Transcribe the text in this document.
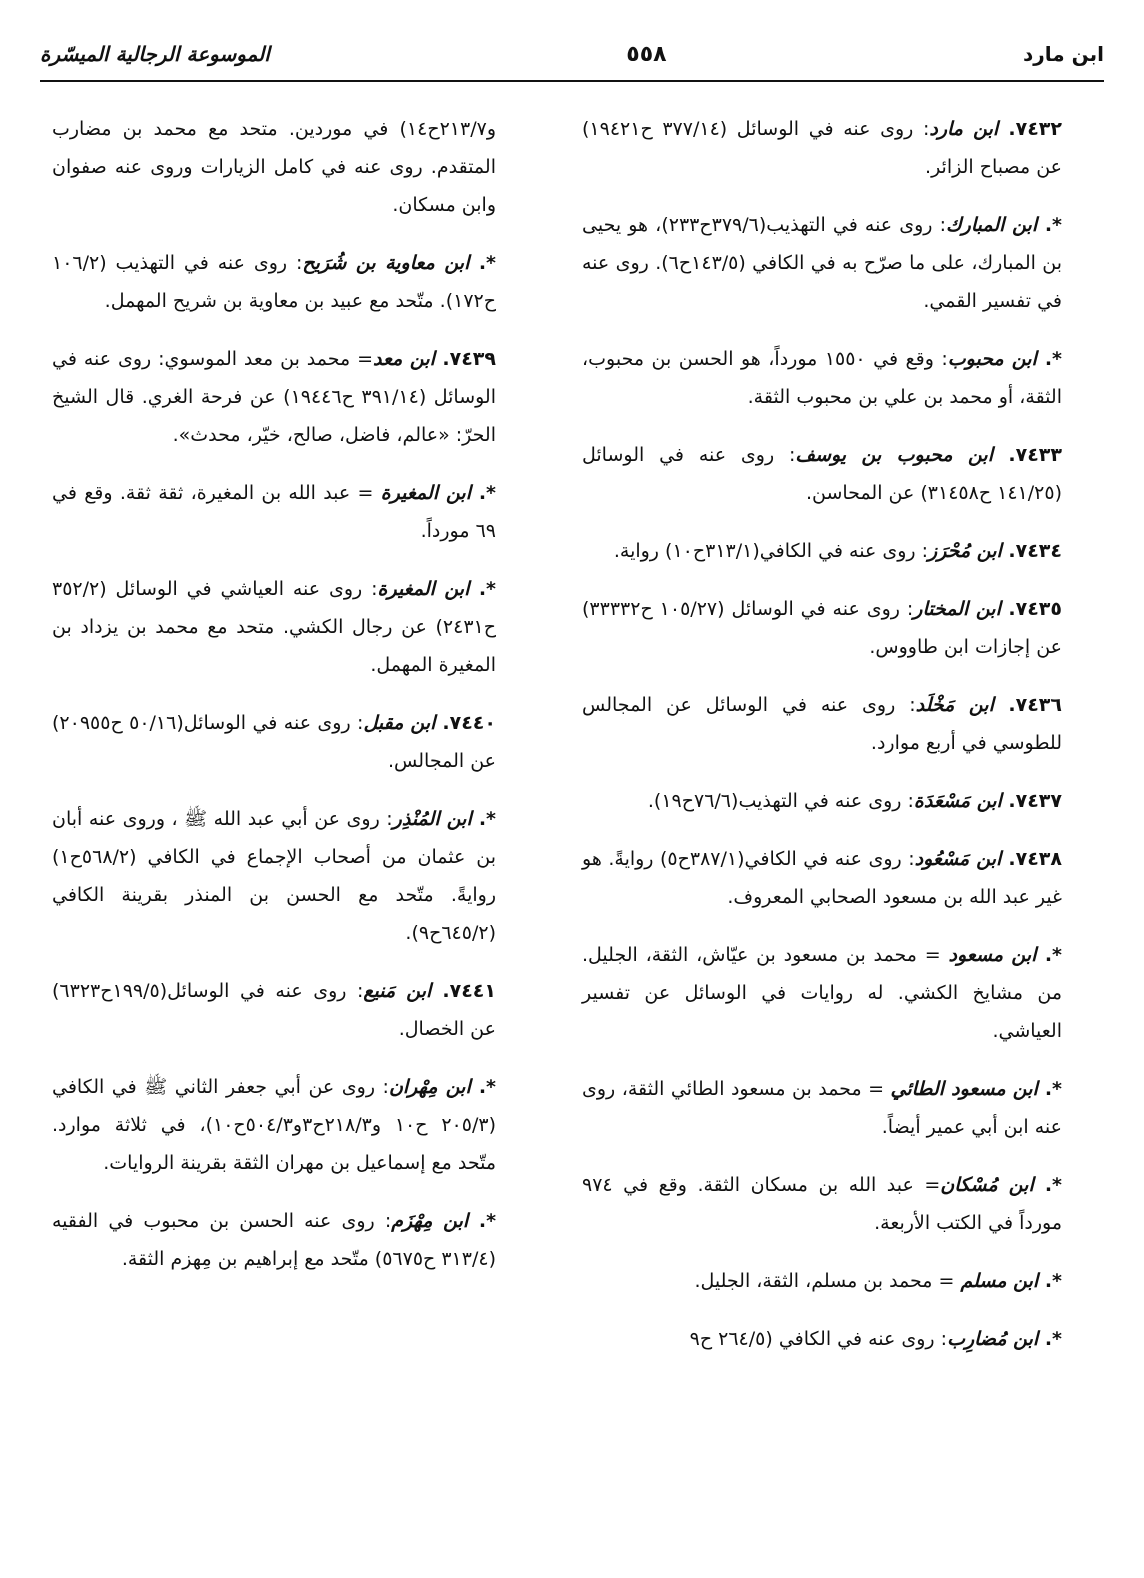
ابن مارد
٥٥٨
الموسوعة الرجالية الميسّرة

٧٤٣٢. ابن مارد: روى عنه في الوسائل (٣٧٧/١٤ ح١٩٤٢١) عن مصباح الزائر.

*. ابن المبارك: روى عنه في التهذيب(٣٧٩/٦ح٢٣٣)، هو يحيى بن المبارك، على ما صرّح به في الكافي (١٤٣/٥ح٦). روى عنه في تفسير القمي.

*. ابن محبوب: وقع في ١٥٥٠ مورداً، هو الحسن بن محبوب، الثقة، أو محمد بن علي بن محبوب الثقة.

٧٤٣٣. ابن محبوب بن يوسف: روى عنه في الوسائل (١٤١/٢٥ ح٣١٤٥٨) عن المحاسن.

٧٤٣٤. ابن مُحْرَز: روى عنه في الكافي(٣١٣/١ح١٠) رواية.

٧٤٣٥. ابن المختار: روى عنه في الوسائل (١٠٥/٢٧ ح٣٣٣٣٢) عن إجازات ابن طاووس.

٧٤٣٦. ابن مَخْلَد: روى عنه في الوسائل عن المجالس للطوسي في أربع موارد.

٧٤٣٧. ابن مَسْعَدَة: روى عنه في التهذيب(٧٦/٦ح١٩).

٧٤٣٨. ابن مَسْعُود: روى عنه في الكافي(٣٨٧/١ح٥) روايةً. هو غير عبد الله بن مسعود الصحابي المعروف.

*. ابن مسعود = محمد بن مسعود بن عيّاش، الثقة، الجليل. من مشايخ الكشي. له روايات في الوسائل عن تفسير العياشي.

*. ابن مسعود الطائي = محمد بن مسعود الطائي الثقة، روى عنه ابن أبي عمير أيضاً.

*. ابن مُسْكان= عبد الله بن مسكان الثقة. وقع في ٩٧٤ مورداً في الكتب الأربعة.

*. ابن مسلم = محمد بن مسلم، الثقة، الجليل.

*. ابن مُضارِب: روى عنه في الكافي (٢٦٤/٥ ح٩

و٢١٣/٧ح١٤) في موردين. متحد مع محمد بن مضارب المتقدم. روى عنه في كامل الزيارات وروى عنه صفوان وابن مسكان.

*. ابن معاوية بن شُرَيح: روى عنه في التهذيب (١٠٦/٢ ح١٧٢). متّحد مع عبيد بن معاوية بن شريح المهمل.

٧٤٣٩. ابن معد= محمد بن معد الموسوي: روى عنه في الوسائل (٣٩١/١٤ ح١٩٤٤٦) عن فرحة الغري. قال الشيخ الحرّ: «عالم، فاضل، صالح، خيّر، محدث».

*. ابن المغيرة = عبد الله بن المغيرة، ثقة ثقة. وقع في ٦٩ مورداً.

*. ابن المغيرة: روى عنه العياشي في الوسائل (٣٥٢/٢ ح٢٤٣١) عن رجال الكشي. متحد مع محمد بن يزداد بن المغيرة المهمل.

٧٤٤٠. ابن مقبل: روى عنه في الوسائل(٥٠/١٦ ح٢٠٩٥٥) عن المجالس.

*. ابن المُنْذِر: روى عن أبي عبد الله ﷺ ، وروى عنه أبان بن عثمان من أصحاب الإجماع في الكافي (٥٦٨/٢ح١) روايةً. متّحد مع الحسن بن المنذر بقرينة الكافي (٦٤٥/٢ح٩).

٧٤٤١. ابن مَنيع: روى عنه في الوسائل(١٩٩/٥ح٦٣٢٣) عن الخصال.

*. ابن مِهْران: روى عن أبي جعفر الثاني ﷺ في الكافي (٢٠٥/٣ ح١٠ و٢١٨/٣ح٣و٥٠٤/٣ح١٠)، في ثلاثة موارد. متّحد مع إسماعيل بن مهران الثقة بقرينة الروايات.

*. ابن مِهْزَم: روى عنه الحسن بن محبوب في الفقيه (٣١٣/٤ ح٥٦٧٥) متّحد مع إبراهيم بن مِهزم الثقة.
